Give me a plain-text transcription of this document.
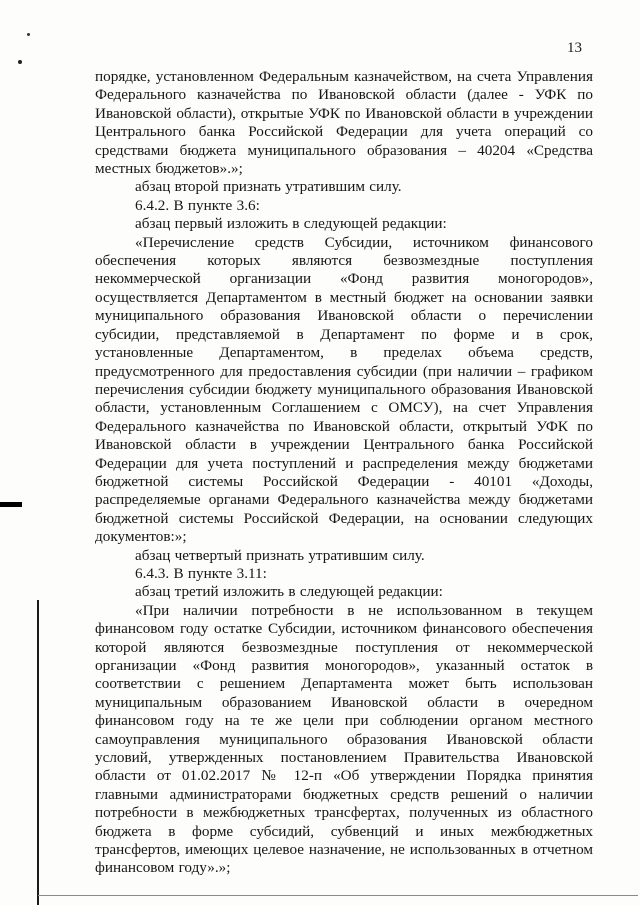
13

порядке, установленном Федеральным казначейством, на счета Управления Федерального казначейства по Ивановской области (далее - УФК по Ивановской области), открытые УФК по Ивановской области в учреждении Центрального банка Российской Федерации для учета операций со средствами бюджета муниципального образования – 40204 «Средства местных бюджетов».»;

абзац второй признать утратившим силу.

6.4.2. В пункте 3.6:

абзац первый изложить в следующей редакции:

«Перечисление средств Субсидии, источником финансового обеспечения которых являются безвозмездные поступления некоммерческой организации «Фонд развития моногородов», осуществляется Департаментом в местный бюджет на основании заявки муниципального образования Ивановской области о перечислении субсидии, представляемой в Департамент по форме и в срок, установленные Департаментом, в пределах объема средств, предусмотренного для предоставления субсидии (при наличии – графиком перечисления субсидии бюджету муниципального образования Ивановской области, установленным Соглашением с ОМСУ), на счет Управления Федерального казначейства по Ивановской области, открытый УФК по Ивановской области в учреждении Центрального банка Российской Федерации для учета поступлений и распределения между бюджетами бюджетной системы Российской Федерации - 40101 «Доходы, распределяемые органами Федерального казначейства между бюджетами бюджетной системы Российской Федерации, на основании следующих документов:»;

абзац четвертый признать утратившим силу.

6.4.3. В пункте 3.11:

абзац третий изложить в следующей редакции:

«При наличии потребности в не использованном в текущем финансовом году остатке Субсидии, источником финансового обеспечения которой являются безвозмездные поступления от некоммерческой организации «Фонд развития моногородов», указанный остаток в соответствии с решением Департамента может быть использован муниципальным образованием Ивановской области в очередном финансовом году на те же цели при соблюдении органом местного самоуправления муниципального образования Ивановской области условий, утвержденных постановлением Правительства Ивановской области от 01.02.2017 № 12-п «Об утверждении Порядка принятия главными администраторами бюджетных средств решений о наличии потребности в межбюджетных трансфертах, полученных из областного бюджета в форме субсидий, субвенций и иных межбюджетных трансфертов, имеющих целевое назначение, не использованных в отчетном финансовом году».»;
